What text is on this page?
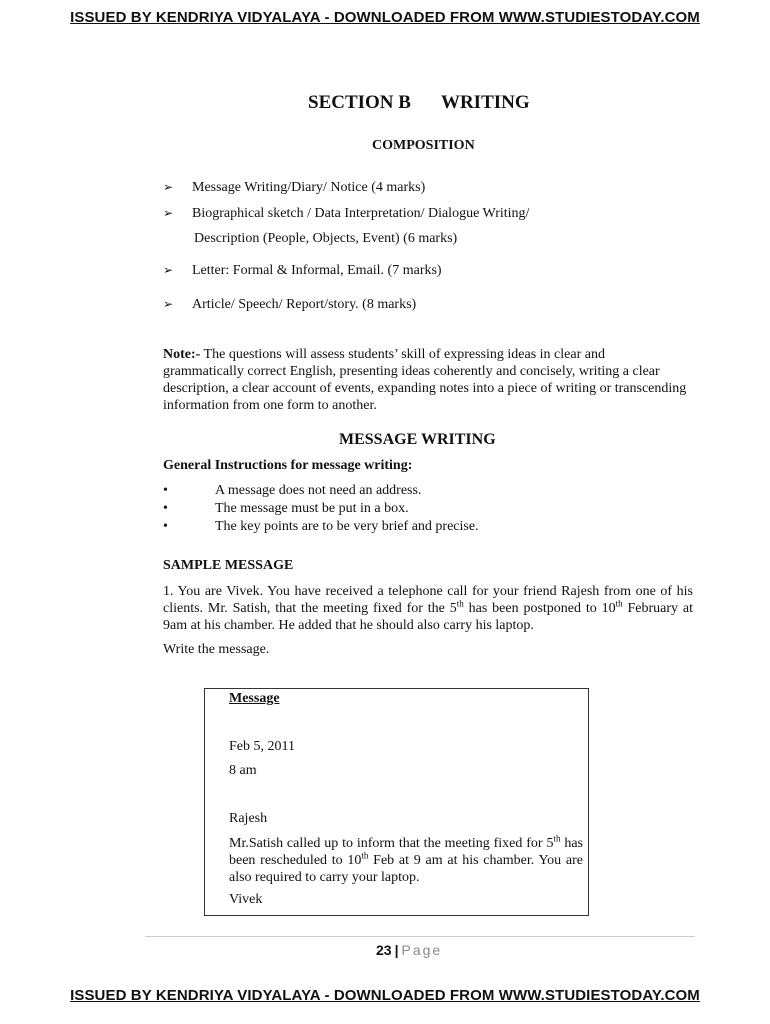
ISSUED BY KENDRIYA VIDYALAYA - DOWNLOADED FROM WWW.STUDIESTODAY.COM
SECTION B WRITING
COMPOSITION
➢ Message Writing/Diary/ Notice (4 marks)
➢ Biographical sketch / Data Interpretation/ Dialogue Writing/
Description (People, Objects, Event) (6 marks)
➢ Letter: Formal & Informal, Email. (7 marks)
➢ Article/ Speech/ Report/story. (8 marks)
Note:- The questions will assess students’ skill of expressing ideas in clear and grammatically correct English, presenting ideas coherently and concisely, writing a clear description, a clear account of events, expanding notes into a piece of writing or transcending information from one form to another.
MESSAGE WRITING
General Instructions for message writing:
•	A message does not need an address.
•	The message must be put in a box.
•	The key points are to be very brief and precise.
SAMPLE MESSAGE
1. You are Vivek. You have received a telephone call for your friend Rajesh from one of his clients. Mr. Satish, that the meeting fixed for the 5th has been postponed to 10th February at 9am at his chamber. He added that he should also carry his laptop.
Write the message.
Message
Feb 5, 2011
8 am
Rajesh
Mr.Satish called up to inform that the meeting fixed for 5th has been rescheduled to 10th Feb at 9 am at his chamber. You are also required to carry your laptop.
Vivek
23 | Page
ISSUED BY KENDRIYA VIDYALAYA - DOWNLOADED FROM WWW.STUDIESTODAY.COM
